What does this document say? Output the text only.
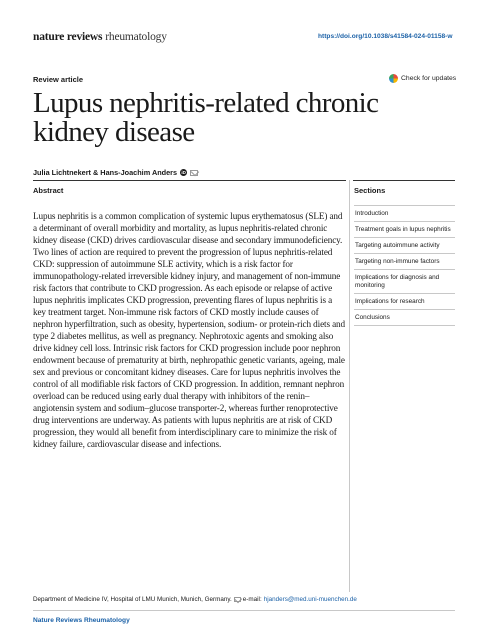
nature reviews rheumatology	https://doi.org/10.1038/s41584-024-01158-w
Review article	Check for updates
Lupus nephritis-related chronic kidney disease
Julia Lichtnekert & Hans-Joachim Anders iD
Abstract

Lupus nephritis is a common complication of systemic lupus erythematosus (SLE) and a determinant of overall morbidity and mortality, as lupus nephritis-related chronic kidney disease (CKD) drives cardiovascular disease and secondary immunodeficiency. Two lines of action are required to prevent the progression of lupus nephritis-related CKD: suppression of autoimmune SLE activity, which is a risk factor for immunopathology-related irreversible kidney injury, and management of non-immune risk factors that contribute to CKD progression. As each episode or relapse of active lupus nephritis implicates CKD progression, preventing flares of lupus nephritis is a key treatment target. Non-immune risk factors of CKD mostly include causes of nephron hyperfiltration, such as obesity, hypertension, sodium- or protein-rich diets and type 2 diabetes mellitus, as well as pregnancy. Nephrotoxic agents and smoking also drive kidney cell loss. Intrinsic risk factors for CKD progression include poor nephron endowment because of prematurity at birth, nephropathic genetic variants, ageing, male sex and previous or concomitant kidney diseases. Care for lupus nephritis involves the control of all modifiable risk factors of CKD progression. In addition, remnant nephron overload can be reduced using early dual therapy with inhibitors of the renin–angiotensin system and sodium–glucose transporter-2, whereas further renoprotective drug interventions are underway. As patients with lupus nephritis are at risk of CKD progression, they would all benefit from interdisciplinary care to minimize the risk of kidney failure, cardiovascular disease and infections.

Sections
Introduction
Treatment goals in lupus nephritis
Targeting autoimmune activity
Targeting non-immune factors
Implications for diagnosis and monitoring
Implications for research
Conclusions
Department of Medicine IV, Hospital of LMU Munich, Munich, Germany. e-mail: hjanders@med.uni-muenchen.de
Nature Reviews Rheumatology
